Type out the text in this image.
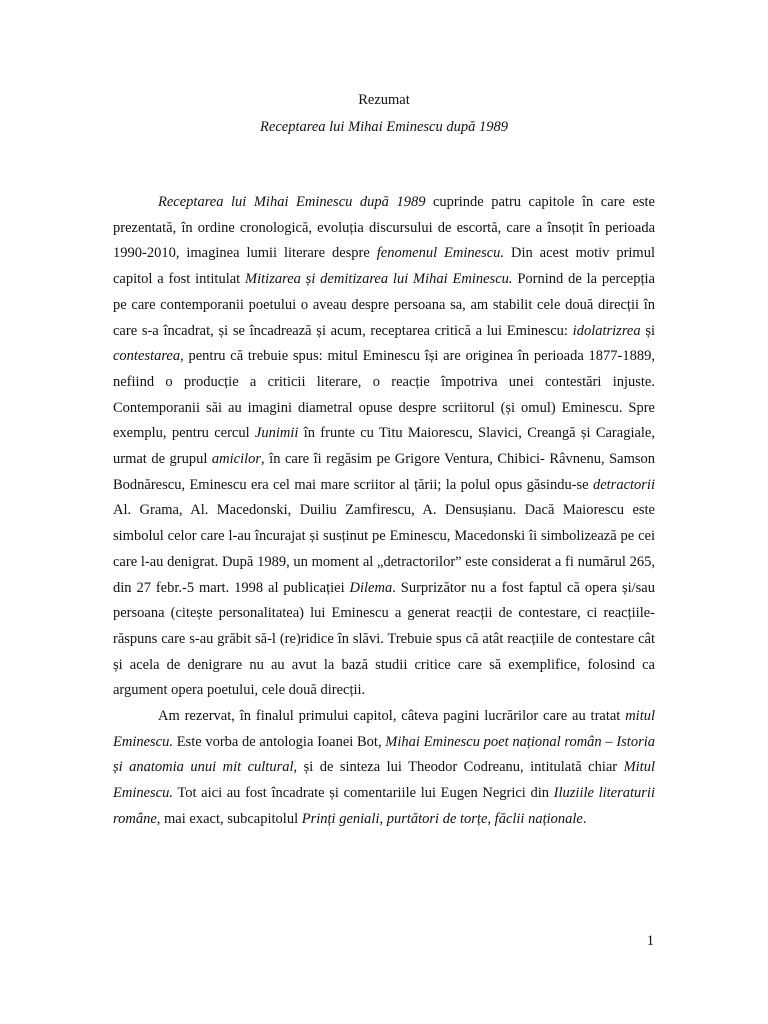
Rezumat
Receptarea lui Mihai Eminescu după 1989

Receptarea lui Mihai Eminescu după 1989 cuprinde patru capitole în care este prezentată, în ordine cronologică, evoluția discursului de escortă, care a însoțit în perioada 1990-2010, imaginea lumii literare despre fenomenul Eminescu. Din acest motiv primul capitol a fost intitulat Mitizarea și demitizarea lui Mihai Eminescu. Pornind de la percepția pe care contemporanii poetului o aveau despre persoana sa, am stabilit cele două direcții în care s-a încadrat, și se încadrează și acum, receptarea critică a lui Eminescu: idolatrizrea și contestarea, pentru că trebuie spus: mitul Eminescu își are originea în perioada 1877-1889, nefiind o producție a criticii literare, o reacție împotriva unei contestări injuste. Contemporanii săi au imagini diametral opuse despre scriitorul (și omul) Eminescu. Spre exemplu, pentru cercul Junimii în frunte cu Titu Maiorescu, Slavici, Creangă și Caragiale, urmat de grupul amicilor, în care îi regăsim pe Grigore Ventura, Chibici- Râvnenu, Samson Bodnărescu, Eminescu era cel mai mare scriitor al țării; la polul opus găsindu-se detractorii Al. Grama, Al. Macedonski, Duiliu Zamfirescu, A. Densușianu. Dacă Maiorescu este simbolul celor care l-au încurajat și susținut pe Eminescu, Macedonski îi simbolizează pe cei care l-au denigrat. După 1989, un moment al „detractorilor” este considerat a fi numărul 265, din 27 febr.-5 mart. 1998 al publicației Dilema. Surprizător nu a fost faptul că opera și/sau persoana (citește personalitatea) lui Eminescu a generat reacții de contestare, ci reacțiile-răspuns care s-au grăbit să-l (re)ridice în slăvi. Trebuie spus că atât reacțiile de contestare cât și acela de denigrare nu au avut la bază studii critice care să exemplifice, folosind ca argument opera poetului, cele două direcții.

Am rezervat, în finalul primului capitol, câteva pagini lucrărilor care au tratat mitul Eminescu. Este vorba de antologia Ioanei Bot, Mihai Eminescu poet național român – Istoria și anatomia unui mit cultural, și de sinteza lui Theodor Codreanu, intitulată chiar Mitul Eminescu. Tot aici au fost încadrate și comentariile lui Eugen Negrici din Iluziile literaturii române, mai exact, subcapitolul Prinți geniali, purtători de torțe, făclii naționale.

1
